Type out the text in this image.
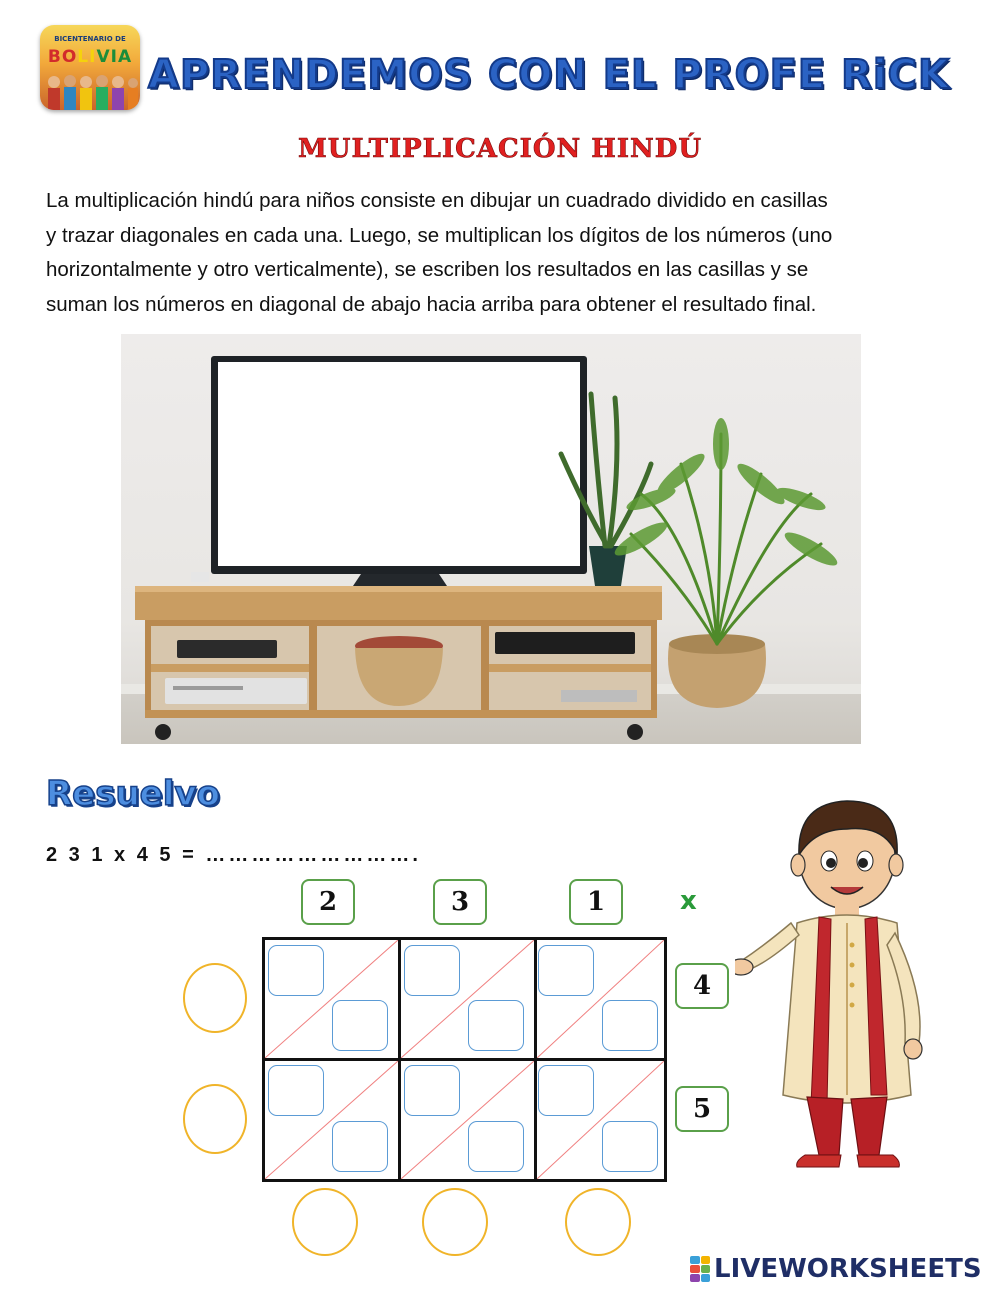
BICENTENARIO DE
BOLIVIA APRENDEMOS CON EL PROFE RiCK
MULTIPLICACIÓN HINDÚ
La multiplicación hindú para niños consiste en dibujar un cuadrado dividido en casillas
y trazar diagonales en cada una. Luego, se multiplican los dígitos de los números (uno
horizontalmente y otro verticalmente), se escriben los resultados en las casillas y se
suman los números en diagonal de abajo hacia arriba para obtener el resultado final.
Resuelvo
2 3 1 x 4 5 = ……………………….
2	3	1	x
4
5
LIVEWORKSHEETS
